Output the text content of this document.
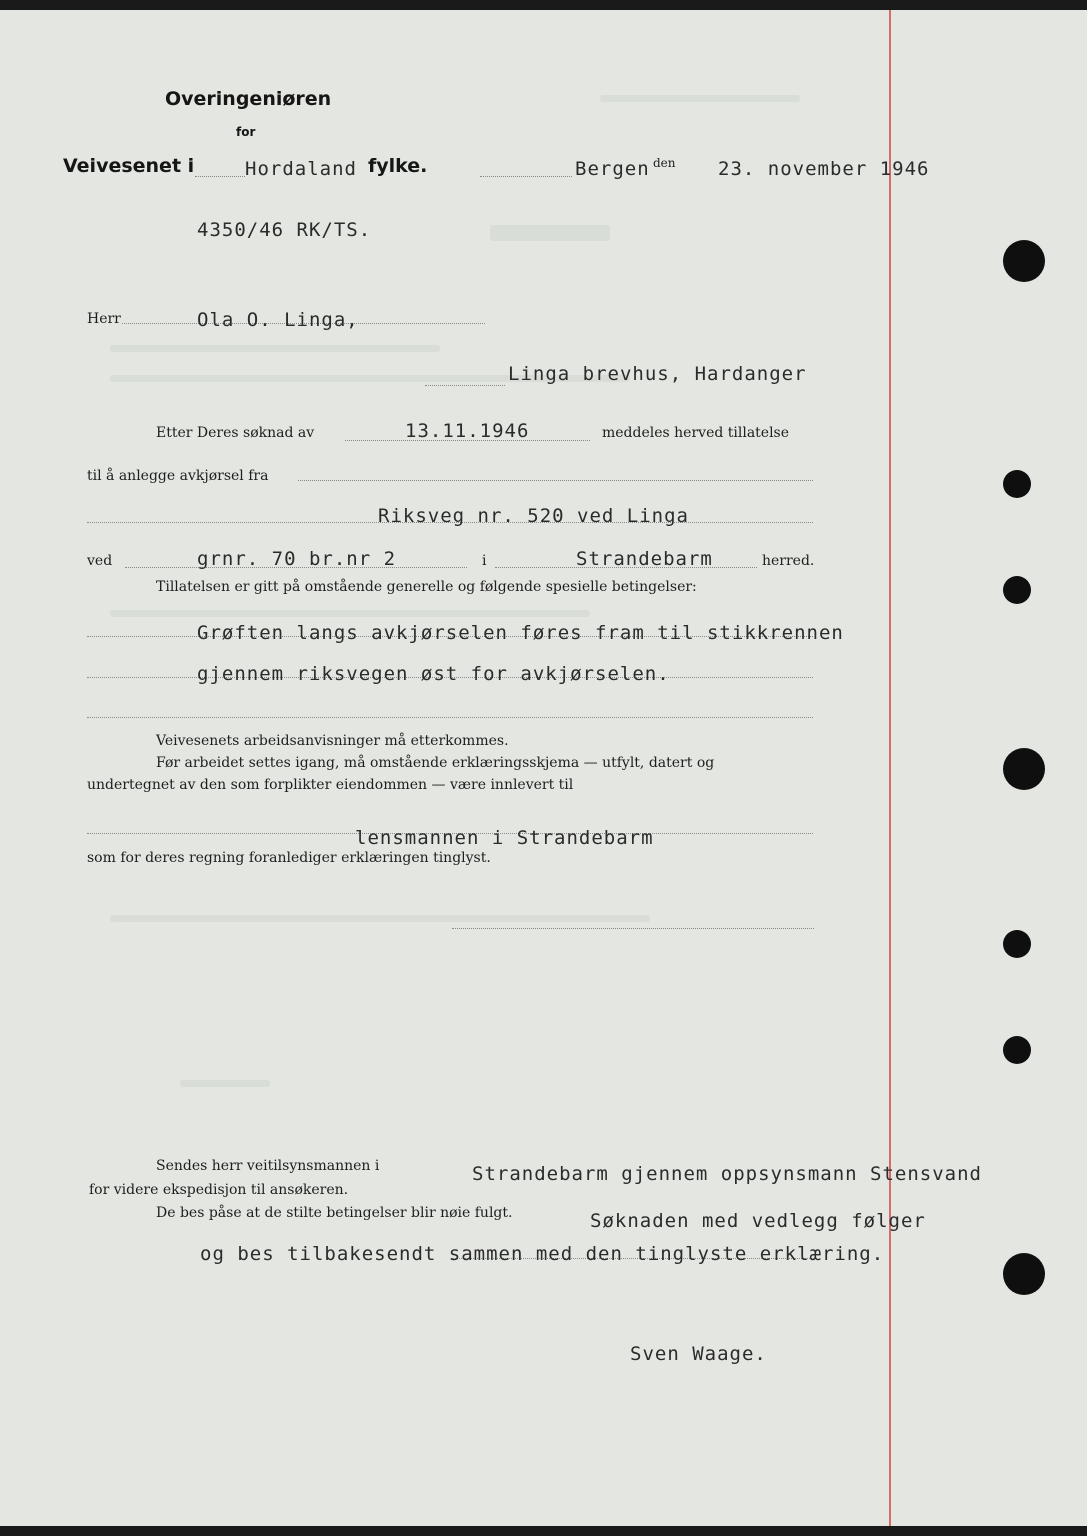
Overingeniøren
for
Veivesenet i	Hordaland fylke.	Bergen den 23. november 1946
4350/46 RK/TS.
Herr	Ola O. Linga,
Linga brevhus, Hardanger
Etter Deres søknad av	13.11.1946	meddeles herved tillatelse
til å anlegge avkjørsel fra
Riksveg nr. 520 ved Linga
ved	grnr. 70 br.nr 2	i	Strandebarm	herred.
Tillatelsen er gitt på omstående generelle og følgende spesielle betingelser:
Grøften langs avkjørselen føres fram til stikkrennen
gjennem riksvegen øst for avkjørselen.
Veivesenets arbeidsanvisninger må etterkommes.
Før arbeidet settes igang, må omstående erklæringsskjema — utfylt, datert og
undertegnet av den som forplikter eiendommen — være innlevert til
lensmannen i Strandebarm
som for deres regning foranlediger erklæringen tinglyst.
Sendes herr veitilsynsmannen i	Strandebarm gjennem oppsynsmann Stensvand
for videre ekspedisjon til ansøkeren.
De bes påse at de stilte betingelser blir nøie fulgt.	Søknaden med vedlegg følger
og bes tilbakesendt sammen med den tinglyste erklæring.
Sven Waage.
